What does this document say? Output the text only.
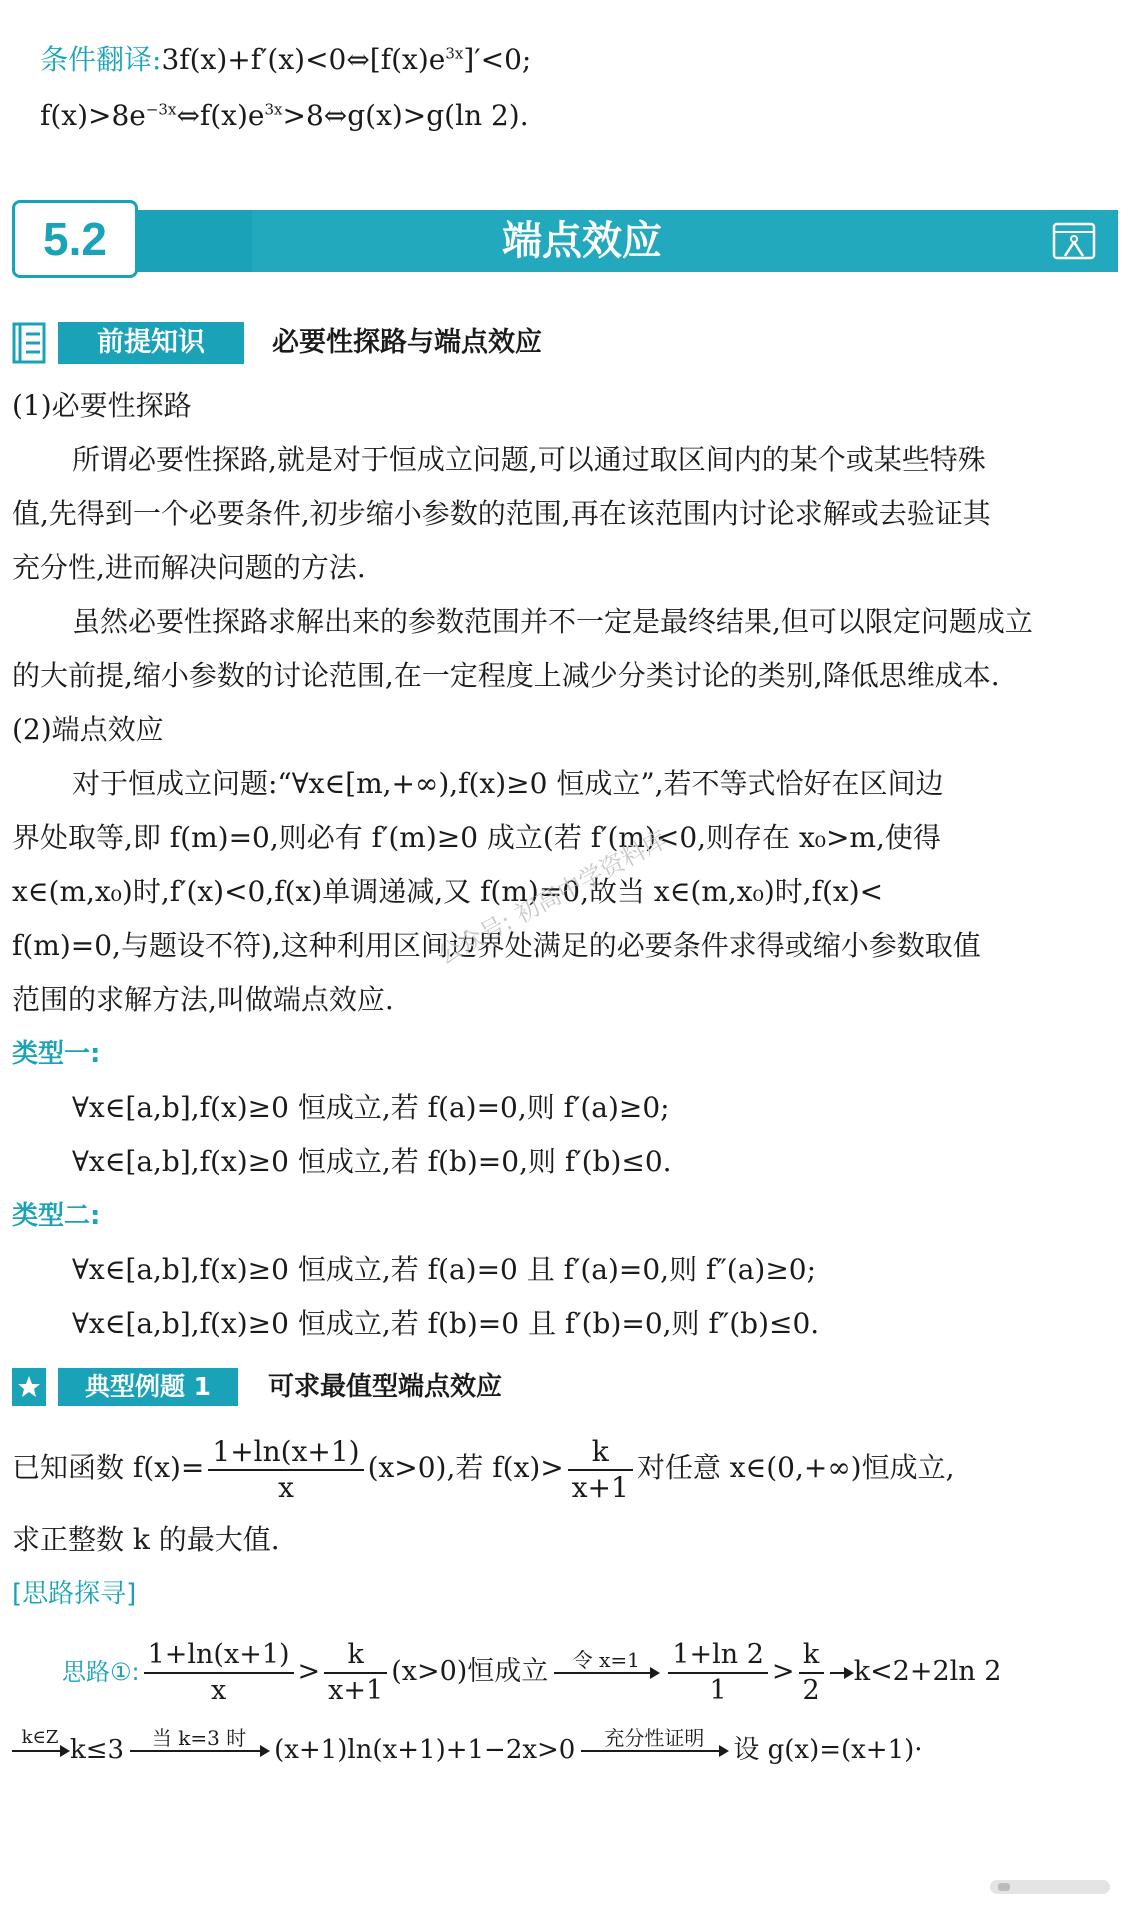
条件翻译$:3f(x)+f'(x)<0\Leftrightarrow[f(x)e^{3x}]'<0$;
$f(x)>8e^{-3x}\Leftrightarrow f(x)e^{3x}>8\Leftrightarrow g(x)>g(\ln$ 2).
5.2	端点效应
前提知识	必要性探路与端点效应
(1)必要性探路
所谓必要性探路,就是对于恒成立问题,可以通过取区间内的某个或某些特殊
值,先得到一个必要条件,初步缩小参数的范围,再在该范围内讨论求解或去验证其
充分性,进而解决问题的方法.
虽然必要性探路求解出来的参数范围并不一定是最终结果,但可以限定问题成立
的大前提,缩小参数的讨论范围,在一定程度上减少分类讨论的类别,降低思维成本.
(2)端点效应
对于恒成立问题:“∀x∈[m,+∞),f(x)≥0 恒成立”,若不等式恰好在区间边
界处取等,即 f(m)=0,则必有 f′(m)≥0 成立(若 f′(m)<0,则存在 x₀>m,使得
x∈(m,x₀)时,f′(x)<0,f(x)单调递减,又 f(m)=0,故当 x∈(m,x₀)时,f(x)<
f(m)=0,与题设不符),这种利用区间边界处满足的必要条件求得或缩小参数取值
范围的求解方法,叫做端点效应.
公众号: 初高中学资料库
类型一:
∀x∈[a,b],f(x)≥0 恒成立,若 f(a)=0,则 f′(a)≥0;
∀x∈[a,b],f(x)≥0 恒成立,若 f(b)=0,则 f′(b)≤0.
类型二:
∀x∈[a,b],f(x)≥0 恒成立,若 f(a)=0 且 f′(a)=0,则 f″(a)≥0;
∀x∈[a,b],f(x)≥0 恒成立,若 f(b)=0 且 f′(b)=0,则 f″(b)≤0.
典型例题 1	可求最值型端点效应
已知函数 $f(x)= \frac{1+\ln(x+1)}{x} (x>0)$,若 $f(x)> \frac{k}{x+1}$ 对任意 x∈(0,+∞)恒成立,
求正整数 k 的最大值.
[思路探寻]
思路①: $\frac{1+\ln(x+1)}{x} > \frac{k}{x+1} (x>0)$恒成立	令 x=1
	$\frac{1+\ln 2}{1} > \frac{k}{2} k<2+2\ln$ 2
k∈Z
k≤3	当 k=3 时
	(x+1)ln(x+1)+1−2x>0	充分性证明
	设 g(x)=(x+1)·
